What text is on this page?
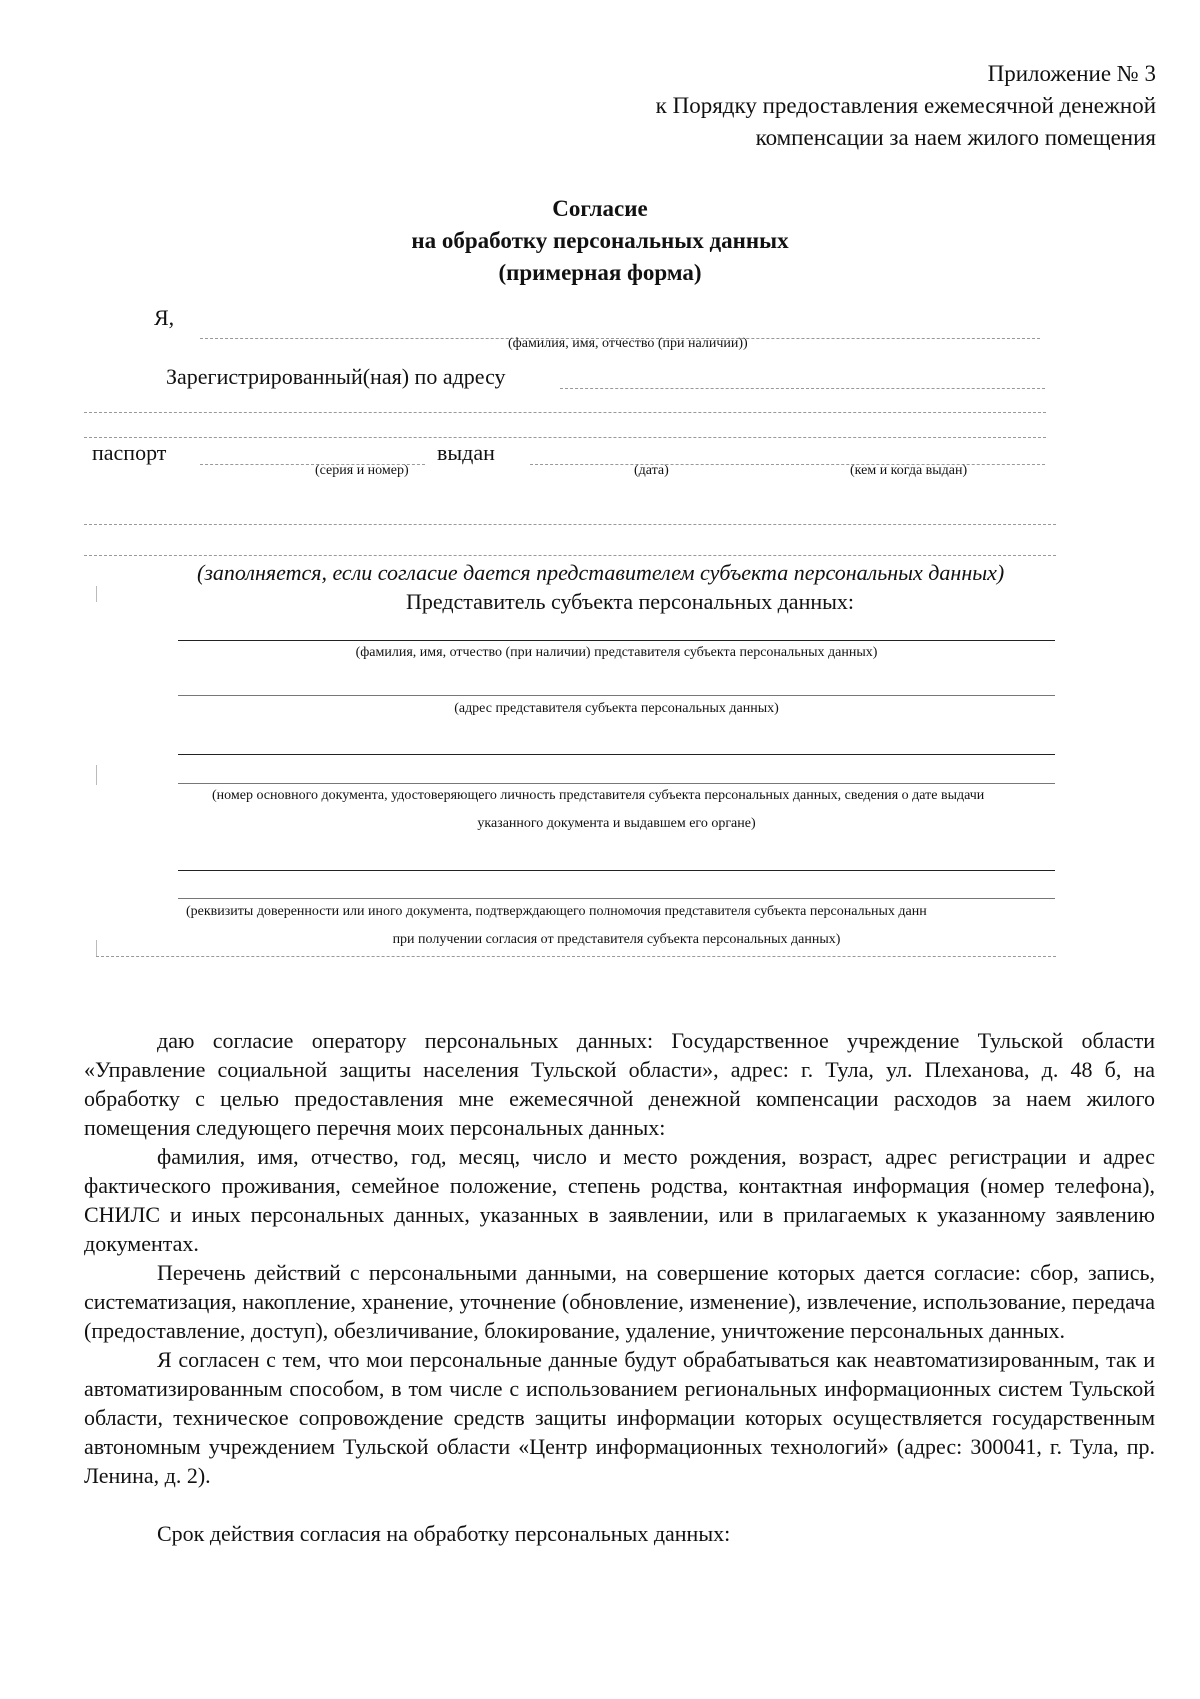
Приложение № 3
к Порядку предоставления ежемесячной денежной
компенсации за наем жилого помещения
Согласие
на обработку персональных данных
(примерная форма)
Я,
(фамилия, имя, отчество (при наличии))
Зарегистрированный(ная) по адресу
паспорт	выдан
(серия и номер)	(дата)	(кем и когда выдан)
(заполняется, если согласие дается представителем субъекта персональных данных)
Представитель субъекта персональных данных:
(фамилия, имя, отчество (при наличии) представителя субъекта персональных данных)
(адрес представителя субъекта персональных данных)
(номер основного документа, удостоверяющего личность представителя субъекта персональных данных, сведения о дате выдачи
указанного документа и выдавшем его органе)
(реквизиты доверенности или иного документа, подтверждающего полномочия представителя субъекта персональных данн
при получении согласия от представителя субъекта персональных данных)

даю согласие оператору персональных данных: Государственное учреждение Тульской области «Управление социальной защиты населения Тульской области», адрес: г. Тула, ул. Плеханова, д. 48 б, на обработку с целью предоставления мне ежемесячной денежной компенсации расходов за наем жилого помещения следующего перечня моих персональных данных:

фамилия, имя, отчество, год, месяц, число и место рождения, возраст, адрес регистрации и адрес фактического проживания, семейное положение, степень родства, контактная информация (номер телефона), СНИЛС и иных персональных данных, указанных в заявлении, или в прилагаемых к указанному заявлению документах.

Перечень действий с персональными данными, на совершение которых дается согласие: сбор, запись, систематизация, накопление, хранение, уточнение (обновление, изменение), извлечение, использование, передача (предоставление, доступ), обезличивание, блокирование, удаление, уничтожение персональных данных.

Я согласен с тем, что мои персональные данные будут обрабатываться как неавтоматизированным, так и автоматизированным способом, в том числе с использованием региональных информационных систем Тульской области, техническое сопровождение средств защиты информации которых осуществляется государственным автономным учреждением Тульской области «Центр информационных технологий» (адрес: 300041, г. Тула, пр. Ленина, д. 2).

Срок действия согласия на обработку персональных данных:
